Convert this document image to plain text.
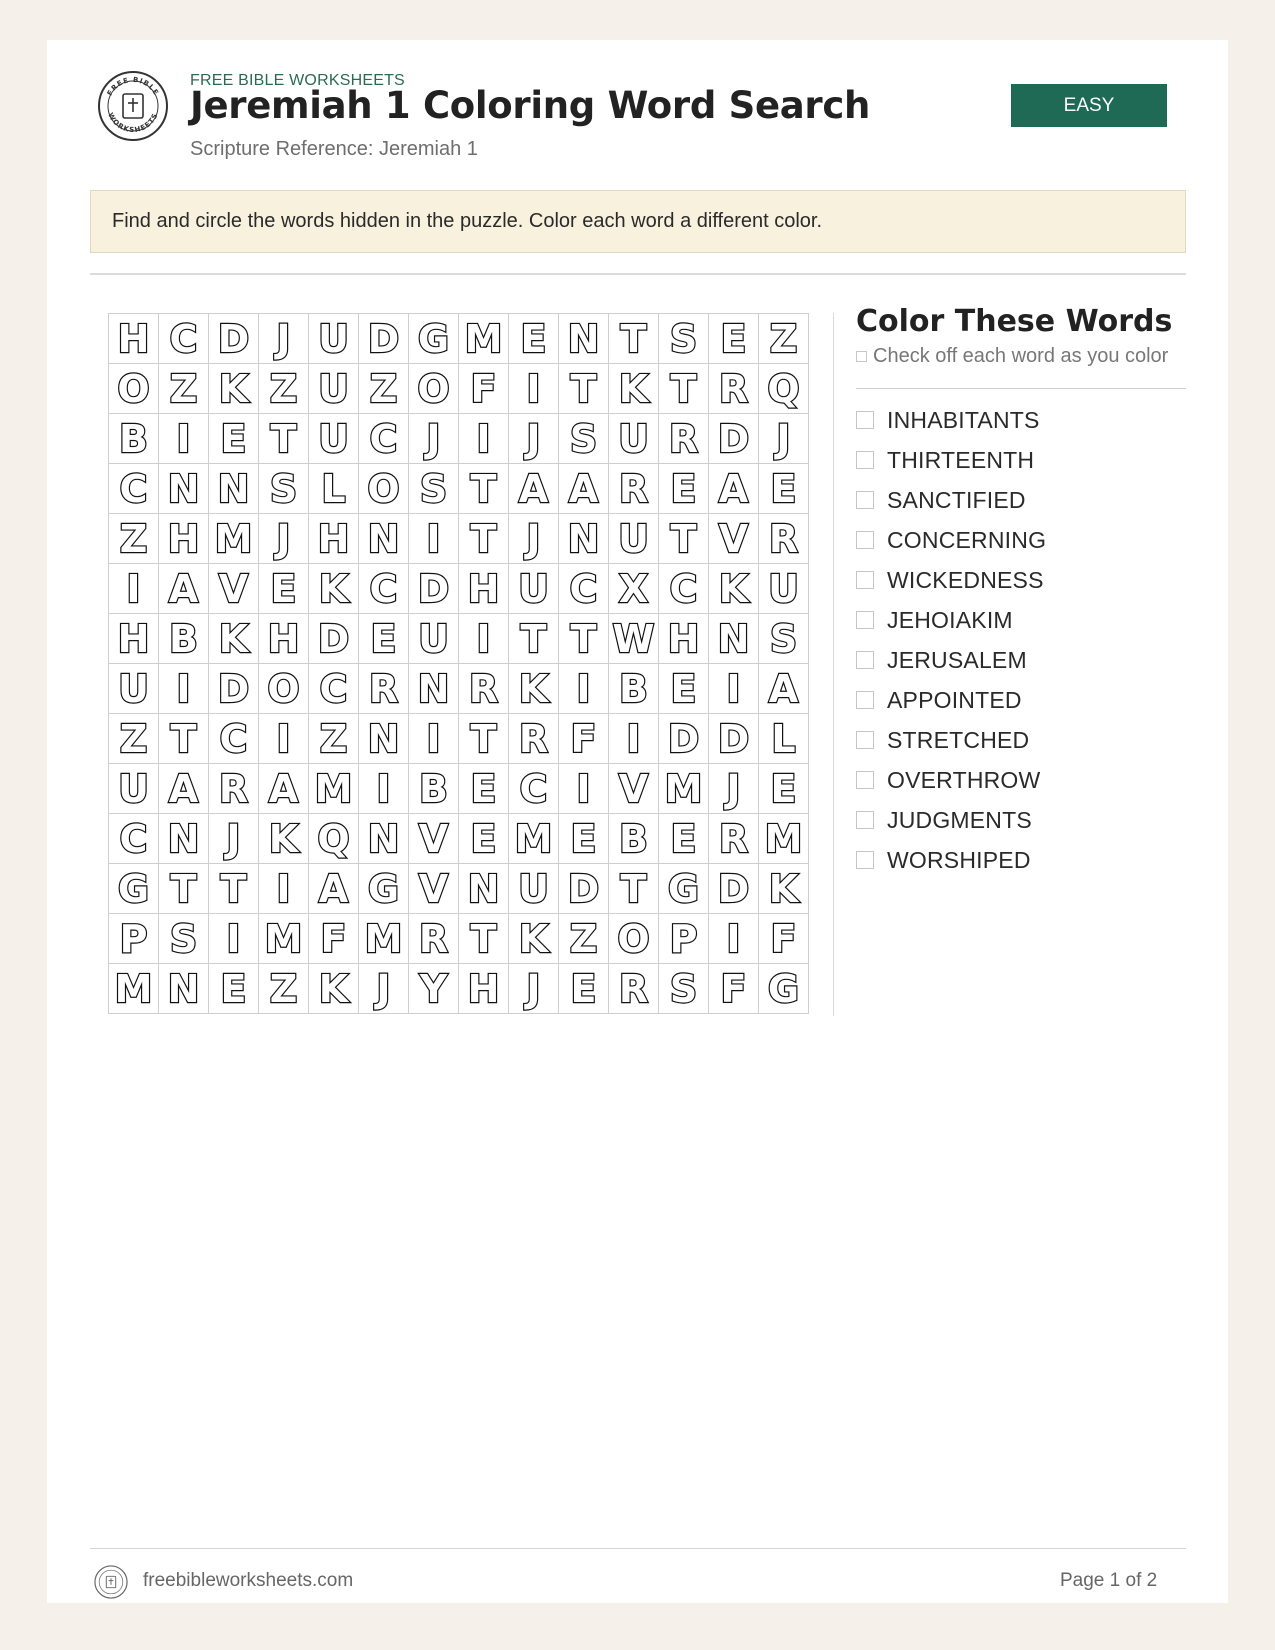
FREE BIBLE
WORKSHEETS
FREE BIBLE WORKSHEETS
Jeremiah 1 Coloring Word Search
Scripture Reference: Jeremiah 1
EASY
Find and circle the words hidden in the puzzle. Color each word a different color.
H C D J U D G M E N T S E Z
O Z K Z U Z O F I T K T R Q
B I E T U C J I J S U R D J
C N N S L O S T A A R E A E
Z H M J H N I T J N U T V R
I A V E K C D H U C X C K U
H B K H D E U I T T W H N S
U I D O C R N R K I B E I A
Z T C I Z N I T R F I D D L
U A R A M I B E C I V M J E
C N J K Q N V E M E B E R M
G T T I A G V N U D T G D K
P S I M F M R T K Z O P I F
M N E Z K J Y H J E R S F G
Color These Words
Check off each word as you color
INHABITANTS
THIRTEENTH
SANCTIFIED
CONCERNING
WICKEDNESS
JEHOIAKIM
JERUSALEM
APPOINTED
STRETCHED
OVERTHROW
JUDGMENTS
WORSHIPED
freebibleworksheets.com	Page 1 of 2
